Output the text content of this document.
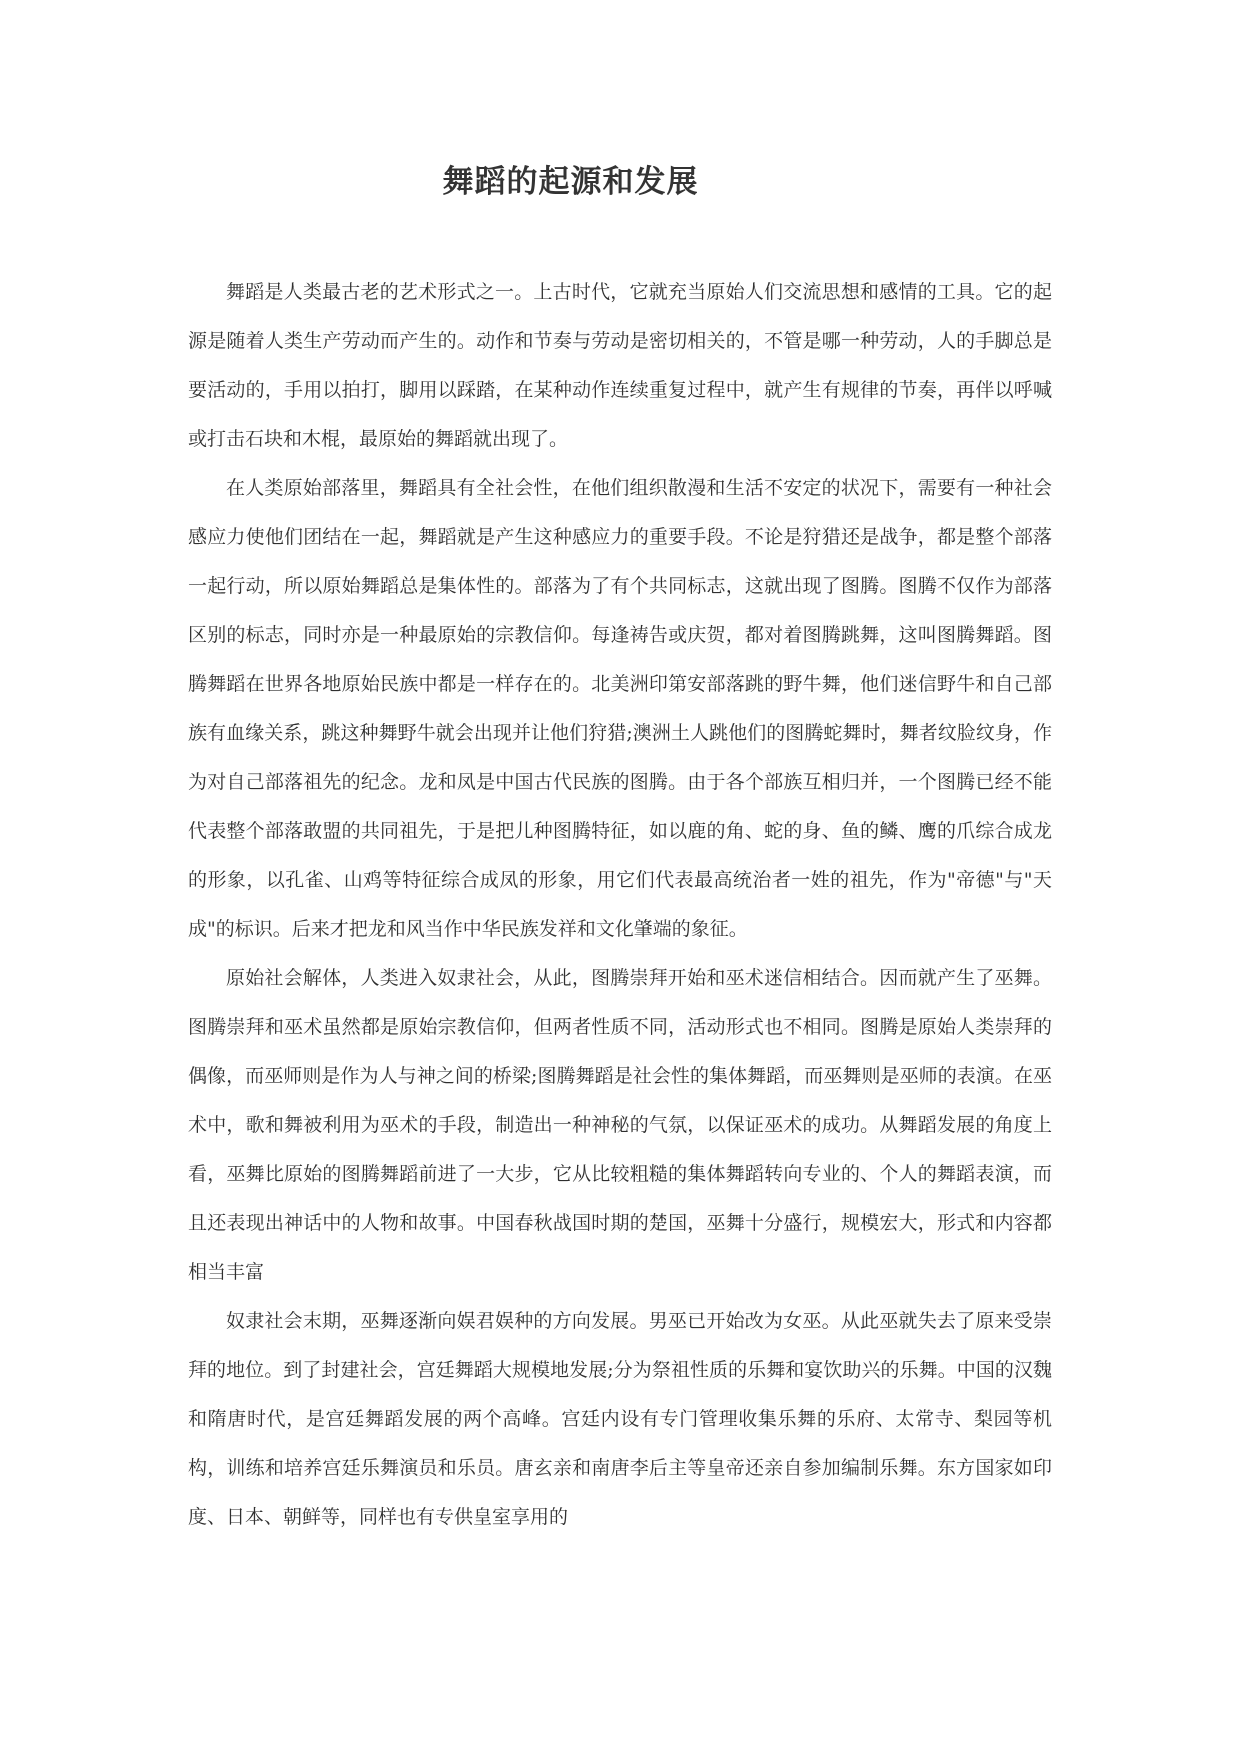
舞蹈的起源和发展

舞蹈是人类最古老的艺术形式之一。上古时代，它就充当原始人们交流思想和感情的工具。它的起源是随着人类生产劳动而产生的。动作和节奏与劳动是密切相关的，不管是哪一种劳动，人的手脚总是要活动的，手用以拍打，脚用以踩踏，在某种动作连续重复过程中，就产生有规律的节奏，再伴以呼喊或打击石块和木棍，最原始的舞蹈就出现了。

在人类原始部落里，舞蹈具有全社会性，在他们组织散漫和生活不安定的状况下，需要有一种社会感应力使他们团结在一起，舞蹈就是产生这种感应力的重要手段。不论是狩猎还是战争，都是整个部落一起行动，所以原始舞蹈总是集体性的。部落为了有个共同标志，这就出现了图腾。图腾不仅作为部落区别的标志，同时亦是一种最原始的宗教信仰。每逢祷告或庆贺，都对着图腾跳舞，这叫图腾舞蹈。图腾舞蹈在世界各地原始民族中都是一样存在的。北美洲印第安部落跳的野牛舞，他们迷信野牛和自己部族有血缘关系，跳这种舞野牛就会出现并让他们狩猎;澳洲土人跳他们的图腾蛇舞时，舞者纹脸纹身，作为对自己部落祖先的纪念。龙和凤是中国古代民族的图腾。由于各个部族互相归并，一个图腾已经不能代表整个部落敢盟的共同祖先，于是把儿种图腾特征，如以鹿的角、蛇的身、鱼的鳞、鹰的爪综合成龙的形象，以孔雀、山鸡等特征综合成凤的形象，用它们代表最高统治者一姓的祖先，作为"帝德"与"天成"的标识。后来才把龙和风当作中华民族发祥和文化肇端的象征。

原始社会解体，人类进入奴隶社会，从此，图腾崇拜开始和巫术迷信相结合。因而就产生了巫舞。图腾崇拜和巫术虽然都是原始宗教信仰，但两者性质不同，活动形式也不相同。图腾是原始人类崇拜的偶像，而巫师则是作为人与神之间的桥梁;图腾舞蹈是社会性的集体舞蹈，而巫舞则是巫师的表演。在巫术中，歌和舞被利用为巫术的手段，制造出一种神秘的气氛，以保证巫术的成功。从舞蹈发展的角度上看，巫舞比原始的图腾舞蹈前进了一大步，它从比较粗糙的集体舞蹈转向专业的、个人的舞蹈表演，而且还表现出神话中的人物和故事。中国春秋战国时期的楚国，巫舞十分盛行，规模宏大，形式和内容都相当丰富

奴隶社会末期，巫舞逐渐向娱君娱种的方向发展。男巫已开始改为女巫。从此巫就失去了原来受崇拜的地位。到了封建社会，宫廷舞蹈大规模地发展;分为祭祖性质的乐舞和宴饮助兴的乐舞。中国的汉魏和隋唐时代，是宫廷舞蹈发展的两个高峰。宫廷内设有专门管理收集乐舞的乐府、太常寺、梨园等机构，训练和培养宫廷乐舞演员和乐员。唐玄亲和南唐李后主等皇帝还亲自参加编制乐舞。东方国家如印度、日本、朝鲜等，同样也有专供皇室享用的
